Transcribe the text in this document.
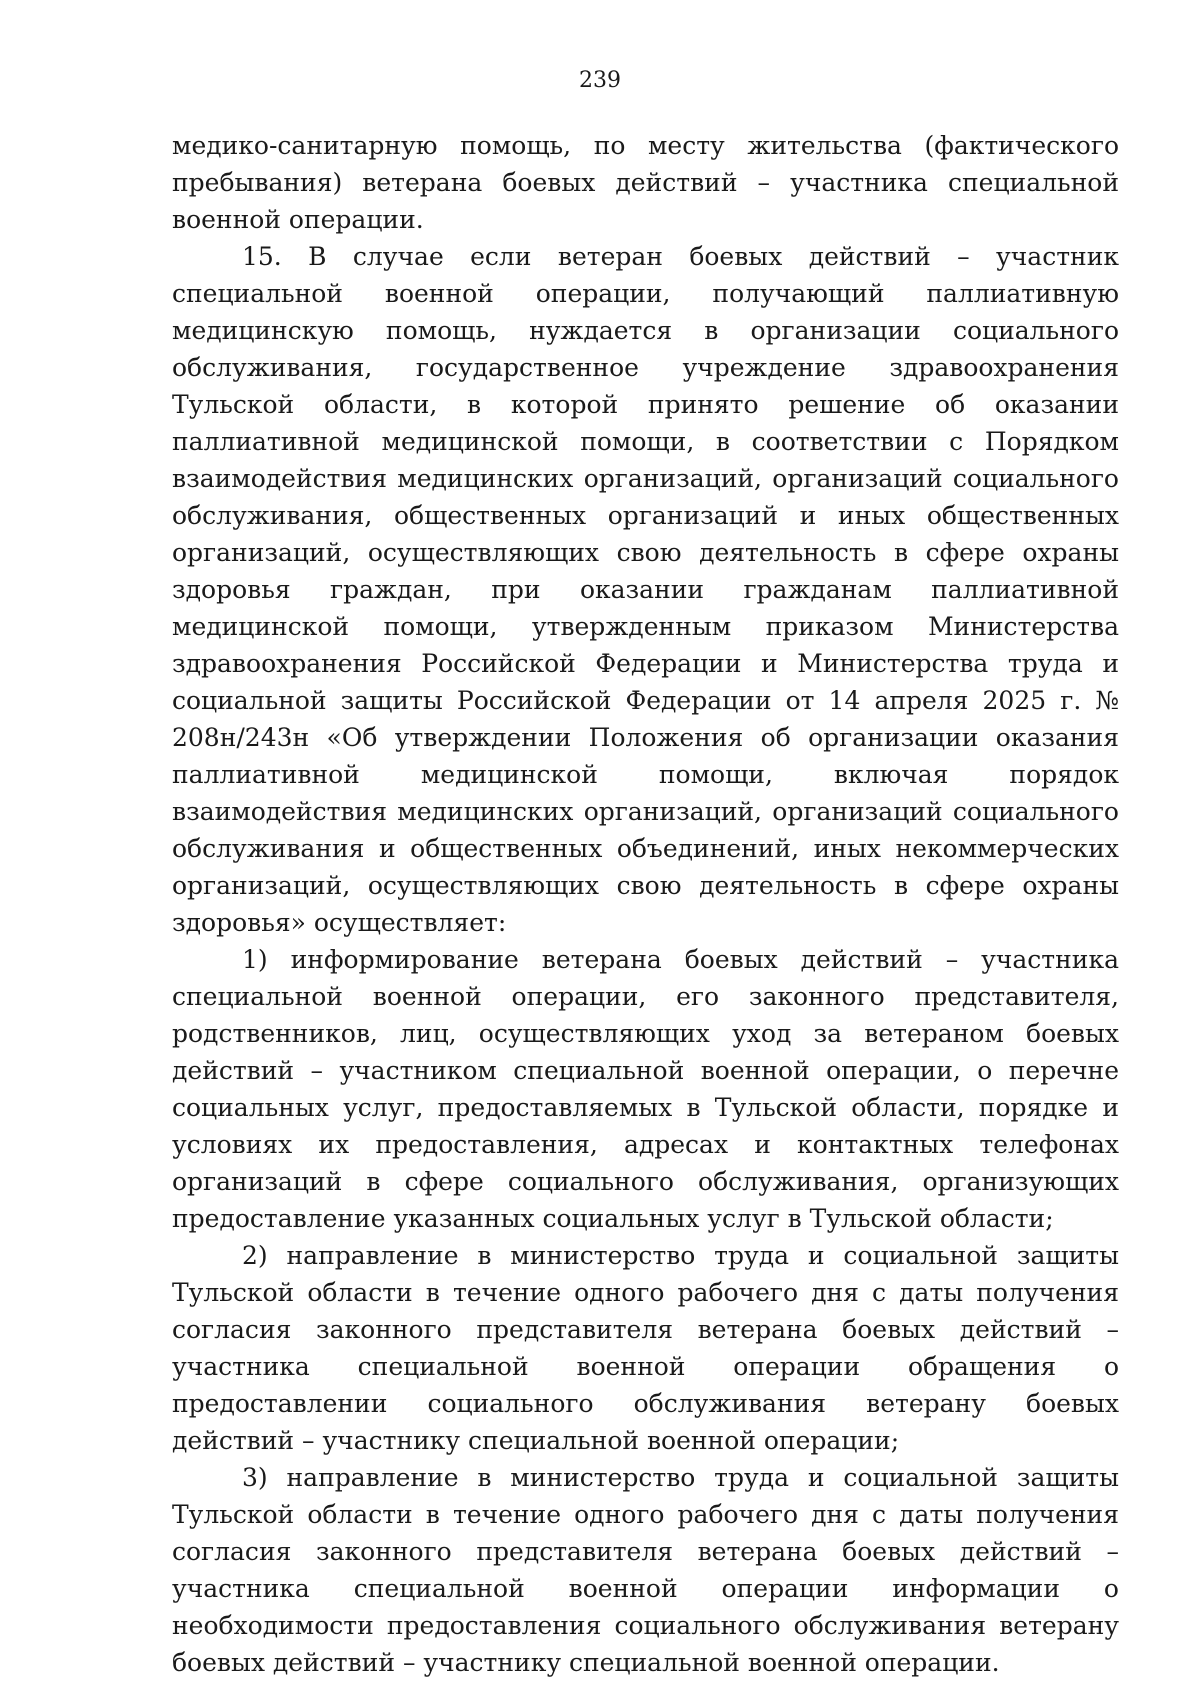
239

медико-санитарную помощь, по месту жительства (фактического пребывания) ветерана боевых действий – участника специальной военной операции.

15. В случае если ветеран боевых действий – участник специальной военной операции, получающий паллиативную медицинскую помощь, нуждается в организации социального обслуживания, государственное учреждение здравоохранения Тульской области, в которой принято решение об оказании паллиативной медицинской помощи, в соответствии с Порядком взаимодействия медицинских организаций, организаций социального обслуживания, общественных организаций и иных общественных организаций, осуществляющих свою деятельность в сфере охраны здоровья граждан, при оказании гражданам паллиативной медицинской помощи, утвержденным приказом Министерства здравоохранения Российской Федерации и Министерства труда и социальной защиты Российской Федерации от 14 апреля 2025 г. № 208н/243н «Об утверждении Положения об организации оказания паллиативной медицинской помощи, включая порядок взаимодействия медицинских организаций, организаций социального обслуживания и общественных объединений, иных некоммерческих организаций, осуществляющих свою деятельность в сфере охраны здоровья» осуществляет:

1) информирование ветерана боевых действий – участника специальной военной операции, его законного представителя, родственников, лиц, осуществляющих уход за ветераном боевых действий – участником специальной военной операции, о перечне социальных услуг, предоставляемых в Тульской области, порядке и условиях их предоставления, адресах и контактных телефонах организаций в сфере социального обслуживания, организующих предоставление указанных социальных услуг в Тульской области;

2) направление в министерство труда и социальной защиты Тульской области в течение одного рабочего дня с даты получения согласия законного представителя ветерана боевых действий – участника специальной военной операции обращения о предоставлении социального обслуживания ветерану боевых действий – участнику специальной военной операции;

3) направление в министерство труда и социальной защиты Тульской области в течение одного рабочего дня с даты получения согласия законного представителя ветерана боевых действий – участника специальной военной операции информации о необходимости предоставления социального обслуживания ветерану боевых действий – участнику специальной военной операции.
